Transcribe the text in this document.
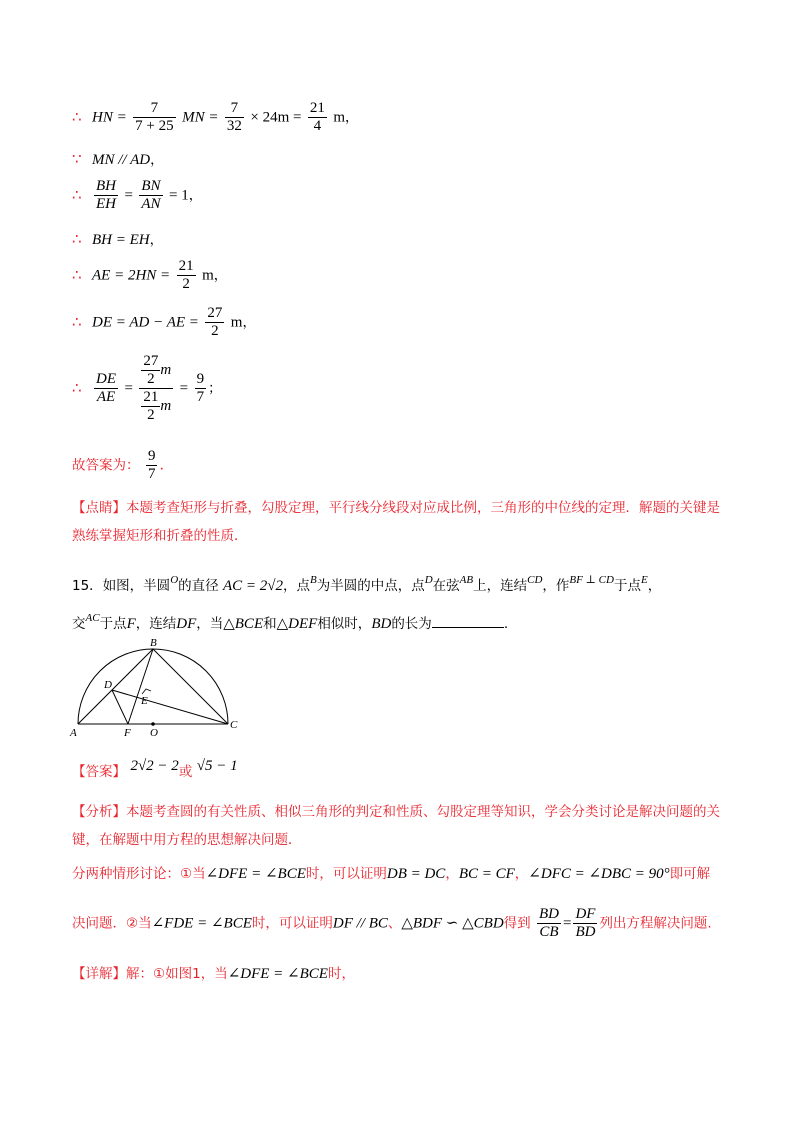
∴ HN = $\frac{7}{7 + 25}$ MN = $\frac{7}{32} \times 24m = \frac{21}{4}$ m，
∵ MN // AD，
∴ $\frac{BH}{EH} = \frac{BN}{AN} = 1$，
∴ BH = EH，
∴ AE = $2HN = \frac{21}{2}$ m，
∴ DE = AD − AE = $\frac{27}{2}$ m，
∴ $\frac{DE}{AE} = \frac{\frac{27}{2} m}{\frac{21}{2} m} = \frac{9}{7}$ ；
故答案为： $\frac{9}{7}$ .
【点睛】本题考查矩形与折叠，勾股定理，平行线分线段对应成比例，三角形的中位线的定理．解题的关键是熟练掌握矩形和折叠的性质．
15．如图，半圆$^O$的直径 AC = 2√2，点$^B$为半圆的中点，点$^D$在弦$^{AB}$上，连结$^{CD}$，作$^{BF \perp CD}$于点$^E$，
交$^{AC}$于点F，连结DF，当△BCE和△DEF相似时，BD的长为	.
A
B
C
D
E
F O
【答案】 2√2 − 2或 √5 − 1
【分析】本题考查圆的有关性质、相似三角形的判定和性质、勾股定理等知识，学会分类讨论是解决问题的关键，在解题中用方程的思想解决问题．
分两种情形讨论：①当∠DFE = ∠BCE时，可以证明DB = DC，BC = CF，∠DFC = ∠DBC = 90°即可解
决问题．②当∠FDE = ∠BCE时，可以证明DF // BC、△BDF ∽ △CBD得到 $\frac{BD}{CB} = \frac{DF}{BD}$ 列出方程解决问题.
【详解】解：①如图1，当∠DFE = ∠BCE时，
